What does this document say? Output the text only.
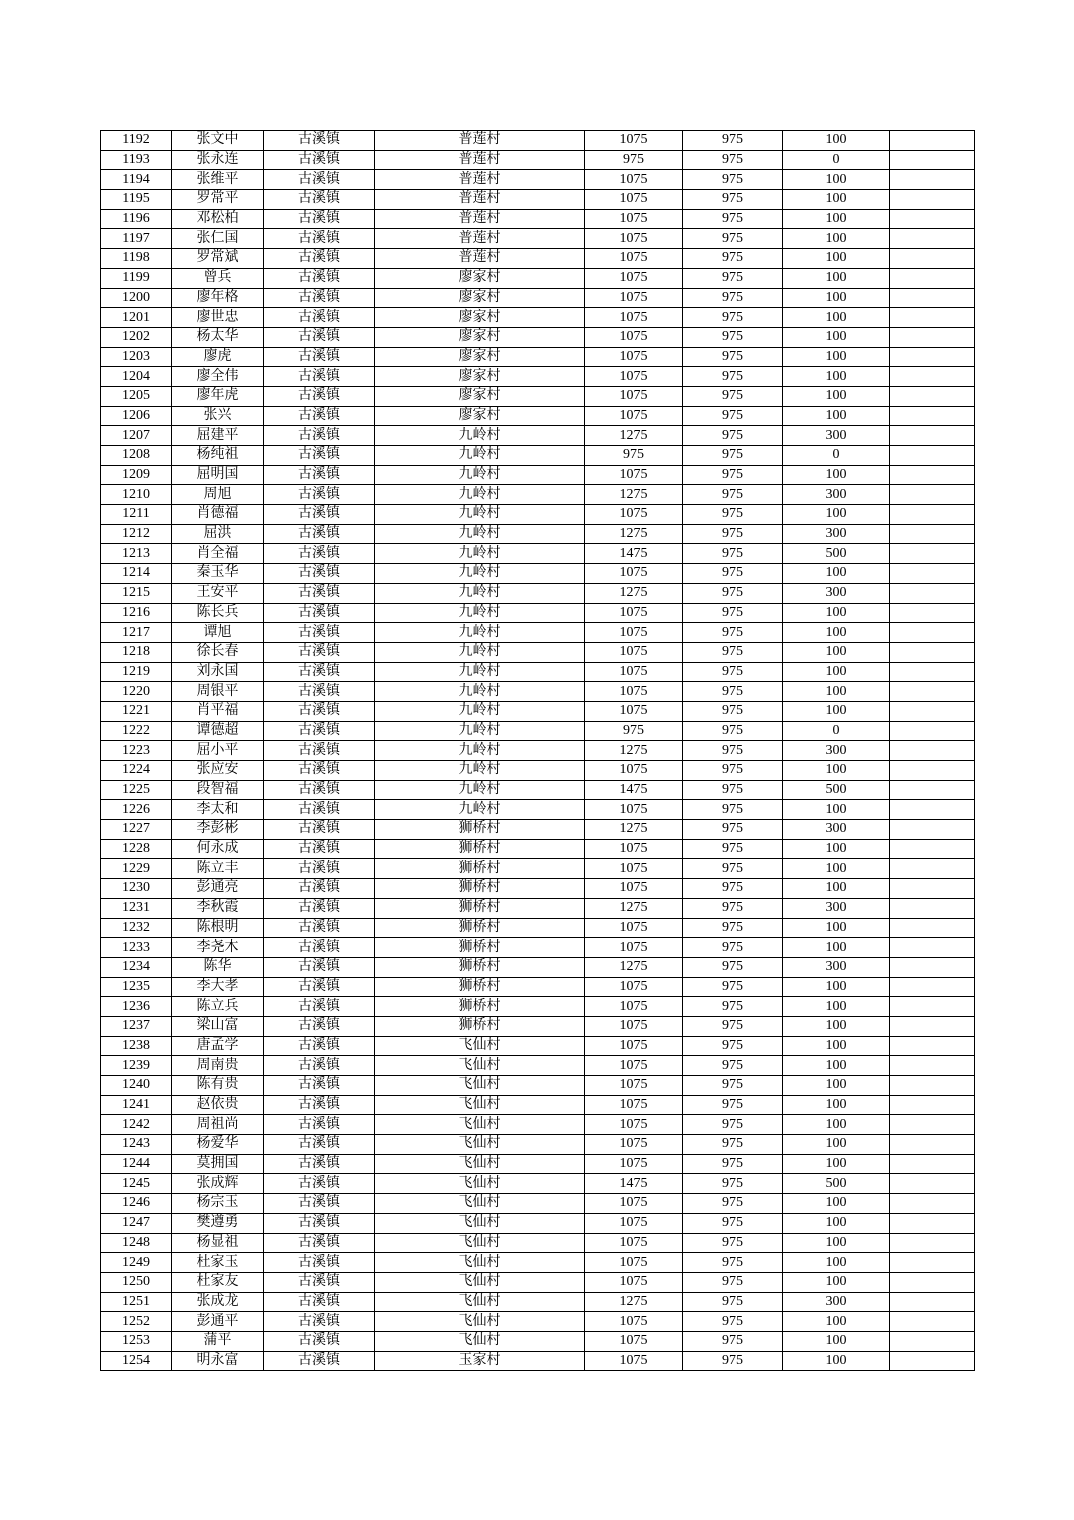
1192	张文中	古溪镇	普莲村	1075	975	100	
1193	张永连	古溪镇	普莲村	975	975	0	
1194	张维平	古溪镇	普莲村	1075	975	100	
1195	罗常平	古溪镇	普莲村	1075	975	100	
1196	邓松柏	古溪镇	普莲村	1075	975	100	
1197	张仁国	古溪镇	普莲村	1075	975	100	
1198	罗常斌	古溪镇	普莲村	1075	975	100	
1199	曾兵	古溪镇	廖家村	1075	975	100	
1200	廖年格	古溪镇	廖家村	1075	975	100	
1201	廖世忠	古溪镇	廖家村	1075	975	100	
1202	杨太华	古溪镇	廖家村	1075	975	100	
1203	廖虎	古溪镇	廖家村	1075	975	100	
1204	廖全伟	古溪镇	廖家村	1075	975	100	
1205	廖年虎	古溪镇	廖家村	1075	975	100	
1206	张兴	古溪镇	廖家村	1075	975	100	
1207	屈建平	古溪镇	九岭村	1275	975	300	
1208	杨纯祖	古溪镇	九岭村	975	975	0	
1209	屈明国	古溪镇	九岭村	1075	975	100	
1210	周旭	古溪镇	九岭村	1275	975	300	
1211	肖德福	古溪镇	九岭村	1075	975	100	
1212	屈洪	古溪镇	九岭村	1275	975	300	
1213	肖全福	古溪镇	九岭村	1475	975	500	
1214	秦玉华	古溪镇	九岭村	1075	975	100	
1215	王安平	古溪镇	九岭村	1275	975	300	
1216	陈长兵	古溪镇	九岭村	1075	975	100	
1217	谭旭	古溪镇	九岭村	1075	975	100	
1218	徐长春	古溪镇	九岭村	1075	975	100	
1219	刘永国	古溪镇	九岭村	1075	975	100	
1220	周银平	古溪镇	九岭村	1075	975	100	
1221	肖平福	古溪镇	九岭村	1075	975	100	
1222	谭德超	古溪镇	九岭村	975	975	0	
1223	屈小平	古溪镇	九岭村	1275	975	300	
1224	张应安	古溪镇	九岭村	1075	975	100	
1225	段智福	古溪镇	九岭村	1475	975	500	
1226	李太和	古溪镇	九岭村	1075	975	100	
1227	李彭彬	古溪镇	狮桥村	1275	975	300	
1228	何永成	古溪镇	狮桥村	1075	975	100	
1229	陈立丰	古溪镇	狮桥村	1075	975	100	
1230	彭通亮	古溪镇	狮桥村	1075	975	100	
1231	李秋霞	古溪镇	狮桥村	1275	975	300	
1232	陈根明	古溪镇	狮桥村	1075	975	100	
1233	李尧木	古溪镇	狮桥村	1075	975	100	
1234	陈华	古溪镇	狮桥村	1275	975	300	
1235	李大孝	古溪镇	狮桥村	1075	975	100	
1236	陈立兵	古溪镇	狮桥村	1075	975	100	
1237	梁山富	古溪镇	狮桥村	1075	975	100	
1238	唐孟学	古溪镇	飞仙村	1075	975	100	
1239	周南贵	古溪镇	飞仙村	1075	975	100	
1240	陈有贵	古溪镇	飞仙村	1075	975	100	
1241	赵依贵	古溪镇	飞仙村	1075	975	100	
1242	周祖尚	古溪镇	飞仙村	1075	975	100	
1243	杨爱华	古溪镇	飞仙村	1075	975	100	
1244	莫拥国	古溪镇	飞仙村	1075	975	100	
1245	张成辉	古溪镇	飞仙村	1475	975	500	
1246	杨宗玉	古溪镇	飞仙村	1075	975	100	
1247	樊遵勇	古溪镇	飞仙村	1075	975	100	
1248	杨显祖	古溪镇	飞仙村	1075	975	100	
1249	杜家玉	古溪镇	飞仙村	1075	975	100	
1250	杜家友	古溪镇	飞仙村	1075	975	100	
1251	张成龙	古溪镇	飞仙村	1275	975	300	
1252	彭通平	古溪镇	飞仙村	1075	975	100	
1253	蒲平	古溪镇	飞仙村	1075	975	100	
1254	明永富	古溪镇	玉家村	1075	975	100	
